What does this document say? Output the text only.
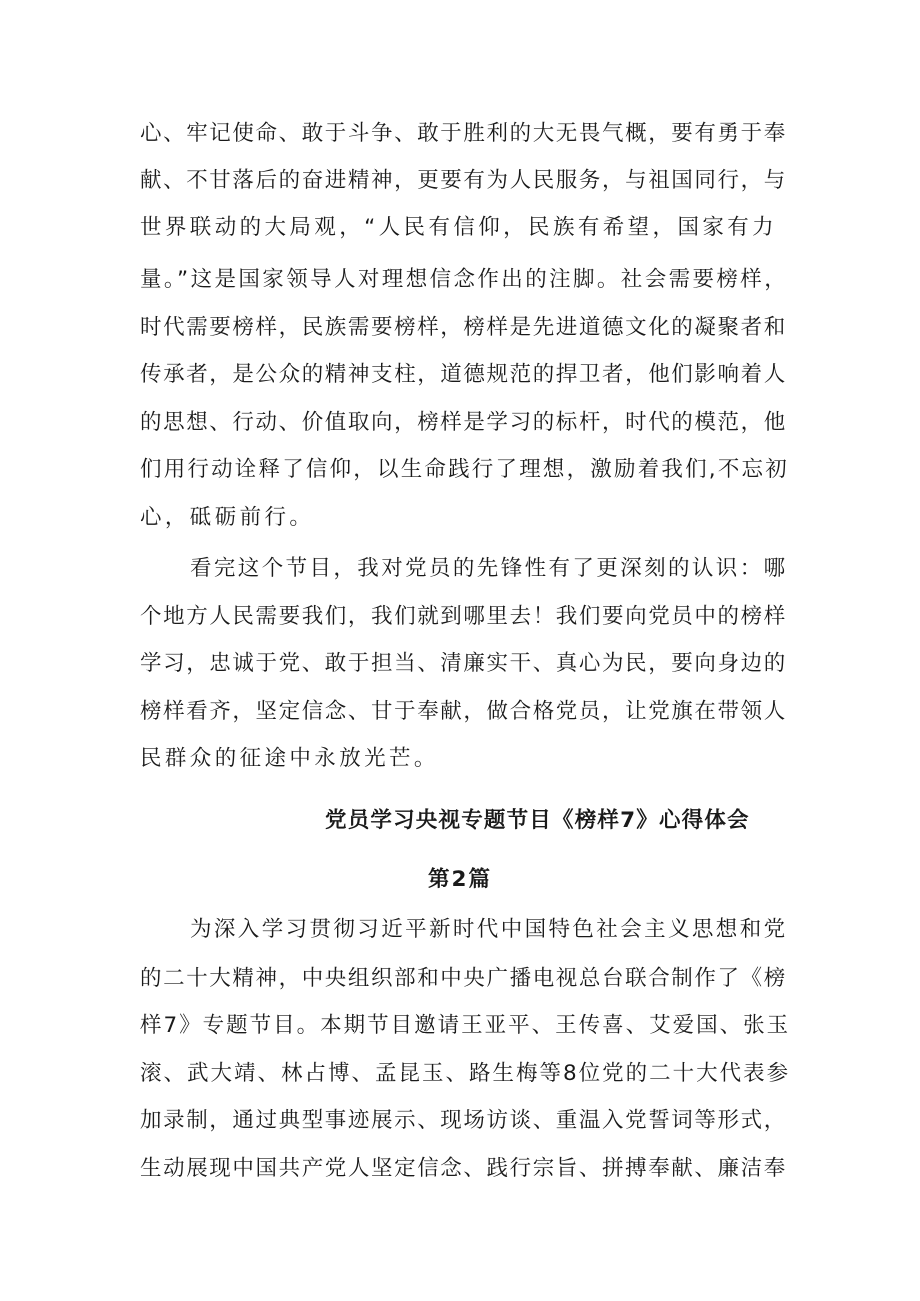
心、牢记使命、敢于斗争、敢于胜利的大无畏气概，要有勇于奉
献、不甘落后的奋进精神，更要有为人民服务，与祖国同行，与
世界联动的大局观，“人民有信仰，民族有希望，国家有力
量。”这是国家领导人对理想信念作出的注脚。社会需要榜样，
时代需要榜样，民族需要榜样，榜样是先进道德文化的凝聚者和
传承者，是公众的精神支柱，道德规范的捍卫者，他们影响着人
的思想、行动、价值取向，榜样是学习的标杆，时代的模范，他
们用行动诠释了信仰，以生命践行了理想，激励着我们,不忘初
心，砥砺前行。
看完这个节目，我对党员的先锋性有了更深刻的认识：哪
个地方人民需要我们，我们就到哪里去！我们要向党员中的榜样
学习，忠诚于党、敢于担当、清廉实干、真心为民，要向身边的
榜样看齐，坚定信念、甘于奉献，做合格党员，让党旗在带领人
民群众的征途中永放光芒。
党员学习央视专题节目《榜样7》心得体会
第2篇
为深入学习贯彻习近平新时代中国特色社会主义思想和党
的二十大精神，中央组织部和中央广播电视总台联合制作了《榜
样7》专题节目。本期节目邀请王亚平、王传喜、艾爱国、张玉
滚、武大靖、林占博、孟昆玉、路生梅等8位党的二十大代表参
加录制，通过典型事迹展示、现场访谈、重温入党誓词等形式，
生动展现中国共产党人坚定信念、践行宗旨、拼搏奉献、廉洁奉
